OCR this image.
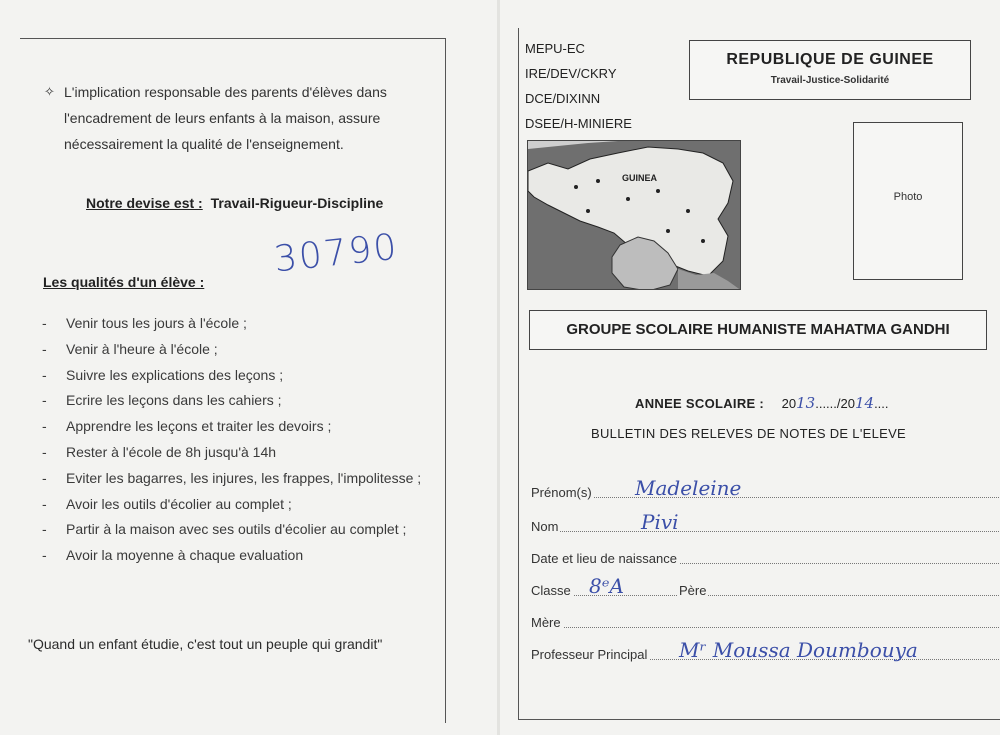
✧ L'implication responsable des parents d'élèves dans l'encadrement de leurs enfants à la maison, assure nécessairement la qualité de l'enseignement.

Notre devise est : Travail-Rigueur-Discipline
30790
Les qualités d'un élève :
- Venir tous les jours à l'école ;
- Venir à l'heure à l'école ;
- Suivre les explications des leçons ;
- Ecrire les leçons dans les cahiers ;
- Apprendre les leçons et traiter les devoirs ;
- Rester à l'école de 8h jusqu'à 14h
- Eviter les bagarres, les injures, les frappes, l'impolitesse ;
- Avoir les outils d'écolier au complet ;
- Partir à la maison avec ses outils d'écolier au complet ;
- Avoir la moyenne à chaque evaluation
"Quand un enfant étudie, c'est tout un peuple qui grandit"
MEPU-EC
IRE/DEV/CKRY
DCE/DIXINN
DSEE/H-MINIERE
REPUBLIQUE DE GUINEE
Travail-Justice-Solidarité
GUINEA
Photo
GROUPE SCOLAIRE HUMANISTE MAHATMA GANDHI
ANNEE SCOLAIRE : 2013....../2014....
BULLETIN DES RELEVES DE NOTES DE L'ELEVE
Prénom(s) Madeleine
Nom	Pivi
Date et lieu de naissance
Classe 8ᵉA	Père
Mère
Professeur Principal Mʳ Moussa Doumbouya
